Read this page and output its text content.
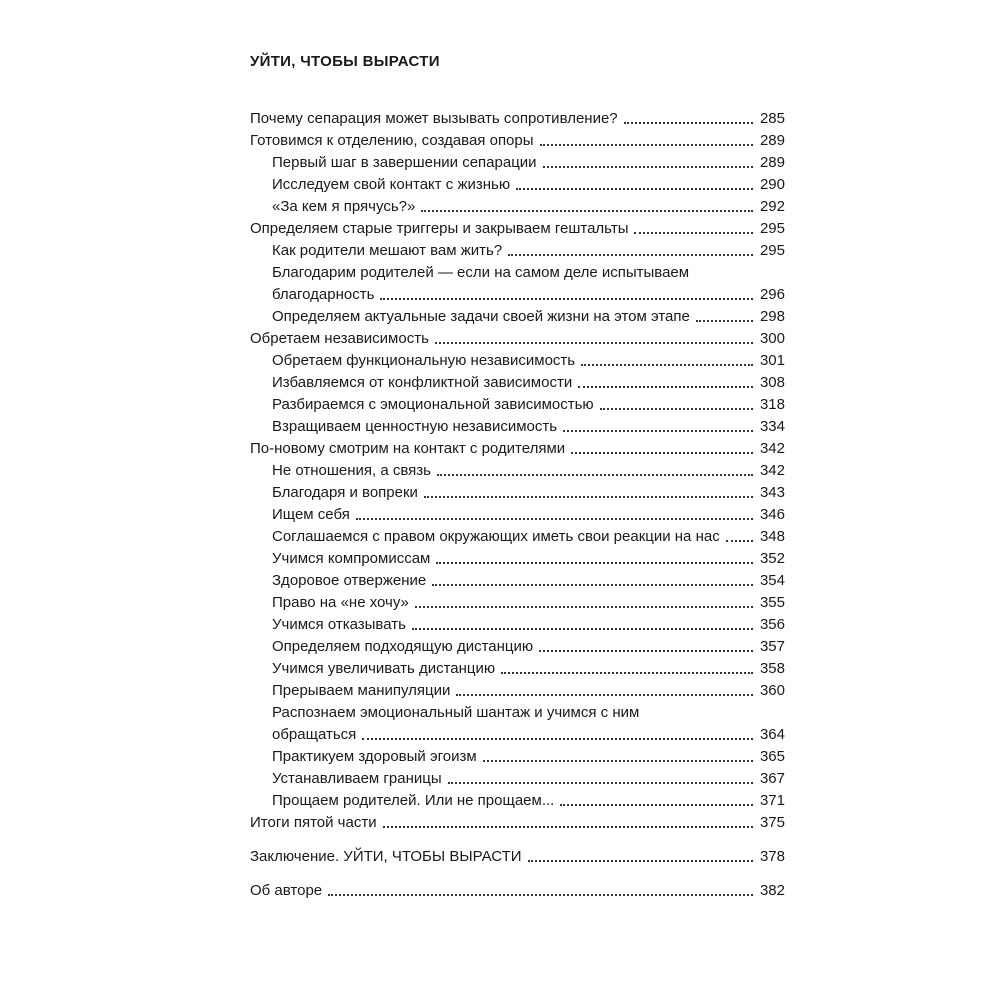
УЙТИ, ЧТОБЫ ВЫРАСТИ
Почему сепарация может вызывать сопротивление?	285
Готовимся к отделению, создавая опоры	289
Первый шаг в завершении сепарации	289
Исследуем свой контакт с жизнью	290
«За кем я прячусь?»	292
Определяем старые триггеры и закрываем гештальты	295
Как родители мешают вам жить?	295
Благодарим родителей — если на самом деле испытываем
благодарность	296
Определяем актуальные задачи своей жизни на этом этапе	298
Обретаем независимость	300
Обретаем функциональную независимость	301
Избавляемся от конфликтной зависимости	308
Разбираемся с эмоциональной зависимостью	318
Взращиваем ценностную независимость	334
По-новому смотрим на контакт с родителями	342
Не отношения, а связь	342
Благодаря и вопреки	343
Ищем себя	346
Соглашаемся с правом окружающих иметь свои реакции на нас	348
Учимся компромиссам	352
Здоровое отвержение	354
Право на «не хочу»	355
Учимся отказывать	356
Определяем подходящую дистанцию	357
Учимся увеличивать дистанцию	358
Прерываем манипуляции	360
Распознаем эмоциональный шантаж и учимся с ним
обращаться	364
Практикуем здоровый эгоизм	365
Устанавливаем границы	367
Прощаем родителей. Или не прощаем...	371
Итоги пятой части	375
Заключение. УЙТИ, ЧТОБЫ ВЫРАСТИ	378
Об авторе	382
